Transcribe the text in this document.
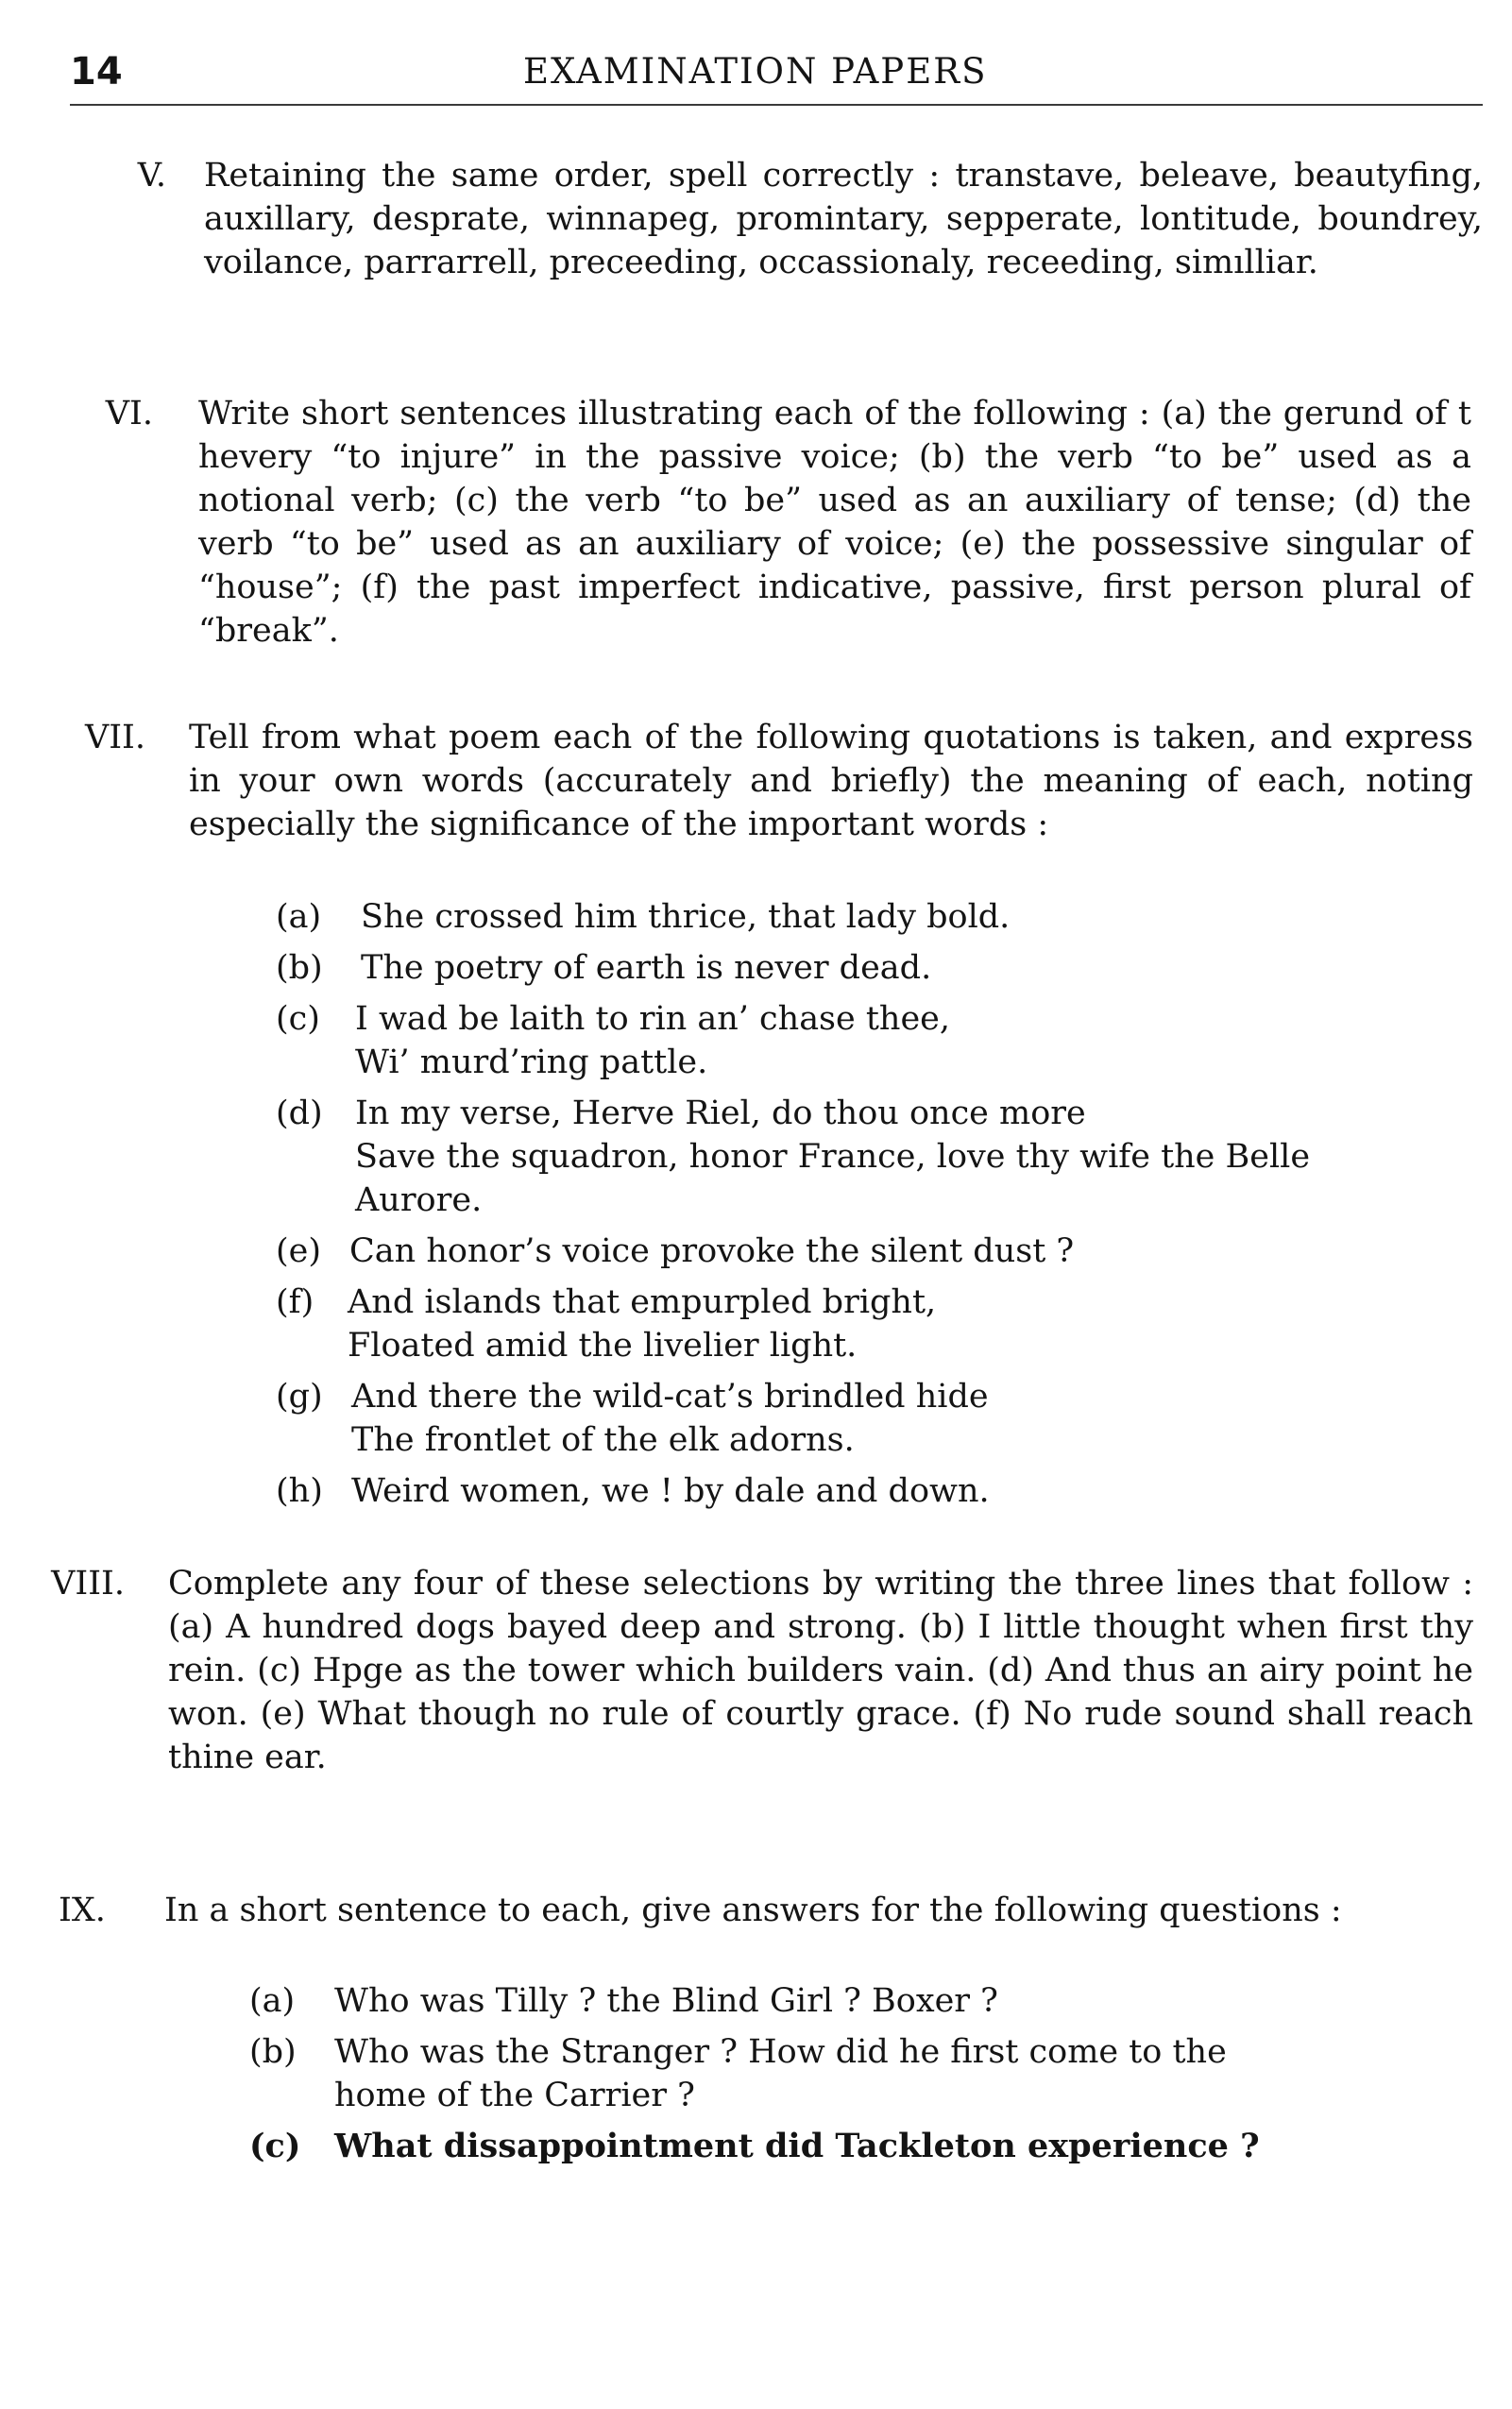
14	EXAMINATION PAPERS
V. Retaining the same order, spell correctly : transtave, beleave, beautyfing, auxillary, desprate, winnapeg, promintary, sepperate, lontitude, boundrey, voilance, parrarrell, preceeding, occassionaly, receeding, simılliar.
VI. Write short sentences illustrating each of the following : (a) the gerund of t hevery “to injure” in the passive voice; (b) the verb “to be” used as a notional verb; (c) the verb “to be” used as an auxiliary of tense; (d) the verb “to be” used as an auxiliary of voice; (e) the possessive singular of “house”; (f) the past imperfect indicative, passive, first person plural of “break”.
VII. Tell from what poem each of the following quotations is taken, and express in your own words (accurately and briefly) the meaning of each, noting especially the significance of the important words :
(a) She crossed him thrice, that lady bold.
(b) The poetry of earth is never dead.
(c) I wad be laith to rin an’ chase thee,
Wi’ murd’ring pattle.
(d) In my verse, Herve Riel, do thou once more
Save the squadron, honor France, love thy wife the Belle
Aurore.
(e) Can honor’s voice provoke the silent dust ?
(f) And islands that empurpled bright,
Floated amid the livelier light.
(g) And there the wild-cat’s brindled hide
The frontlet of the elk adorns.
(h) Weird women, we ! by dale and down.
VIII. Complete any four of these selections by writing the three lines that follow : (a) A hundred dogs bayed deep and strong. (b) I little thought when first thy rein. (c) Hpge as the tower which builders vain. (d) And thus an airy point he won. (e) What though no rule of courtly grace. (f) No rude sound shall reach thine ear.
IX. In a short sentence to each, give answers for the following questions :
(a) Who was Tilly ? the Blind Girl ? Boxer ?
(b) Who was the Stranger ? How did he first come to the
home of the Carrier ?
(c) What dissappointment did Tackleton experience ?
